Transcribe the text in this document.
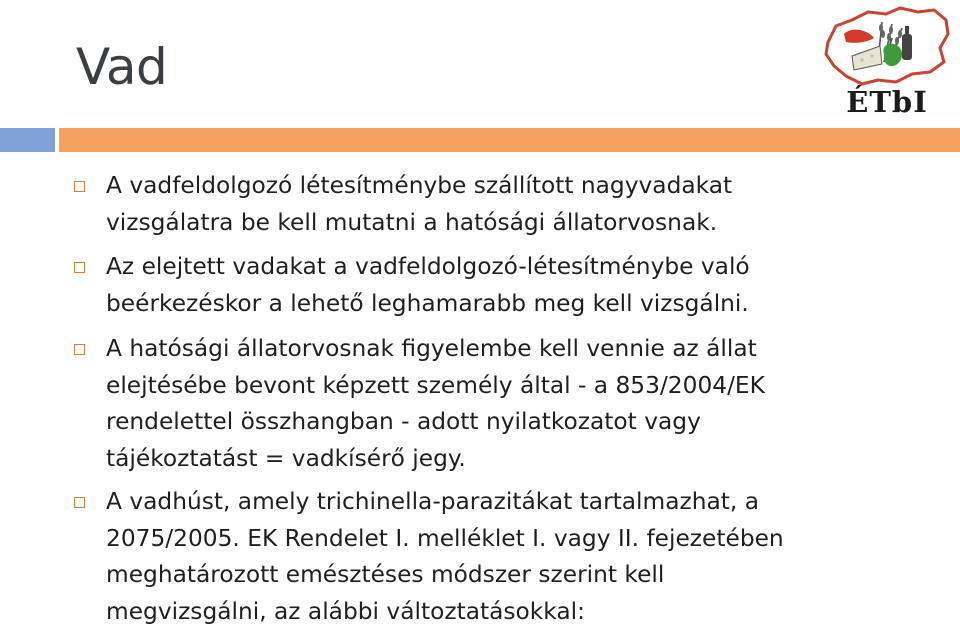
Vad
ÉTbI
A vadfeldolgozó létesítménybe szállított nagyvadakat
vizsgálatra be kell mutatni a hatósági állatorvosnak.
Az elejtett vadakat a vadfeldolgozó-létesítménybe való
beérkezéskor a lehető leghamarabb meg kell vizsgálni.
A hatósági állatorvosnak figyelembe kell vennie az állat
elejtésébe bevont képzett személy által - a 853/2004/EK
rendelettel összhangban - adott nyilatkozatot vagy
tájékoztatást = vadkísérő jegy.
A vadhúst, amely trichinella-parazitákat tartalmazhat, a
2075/2005. EK Rendelet I. melléklet I. vagy II. fejezetében
meghatározott emésztéses módszer szerint kell
megvizsgálni, az alábbi változtatásokkal:
